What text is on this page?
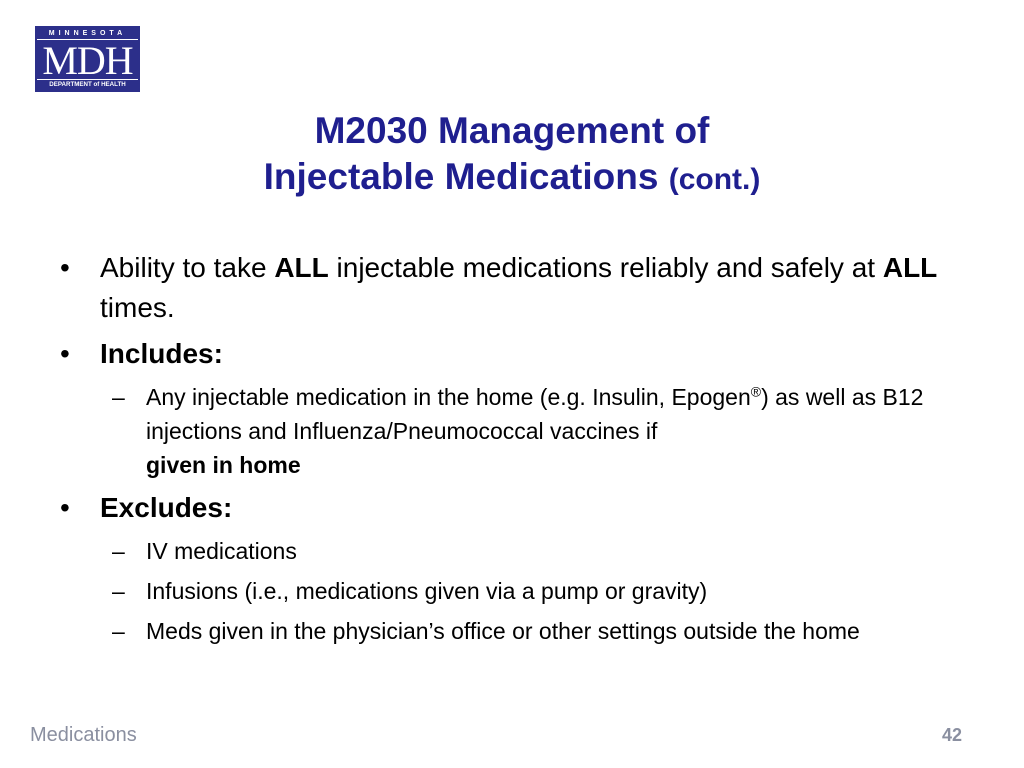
MINNESOTA
MDH
DEPARTMENT of HEALTH
M2030 Management of
Injectable Medications (cont.)
•	Ability to take ALL injectable medications reliably and safely at ALL times.
•	Includes:
– Any injectable medication in the home (e.g. Insulin, Epogen®) as well as B12 injections and Influenza/Pneumococcal vaccines if
given in home
•	Excludes:
– IV medications
– Infusions (i.e., medications given via a pump or gravity)
– Meds given in the physician’s office or other settings outside the home
Medications	42
